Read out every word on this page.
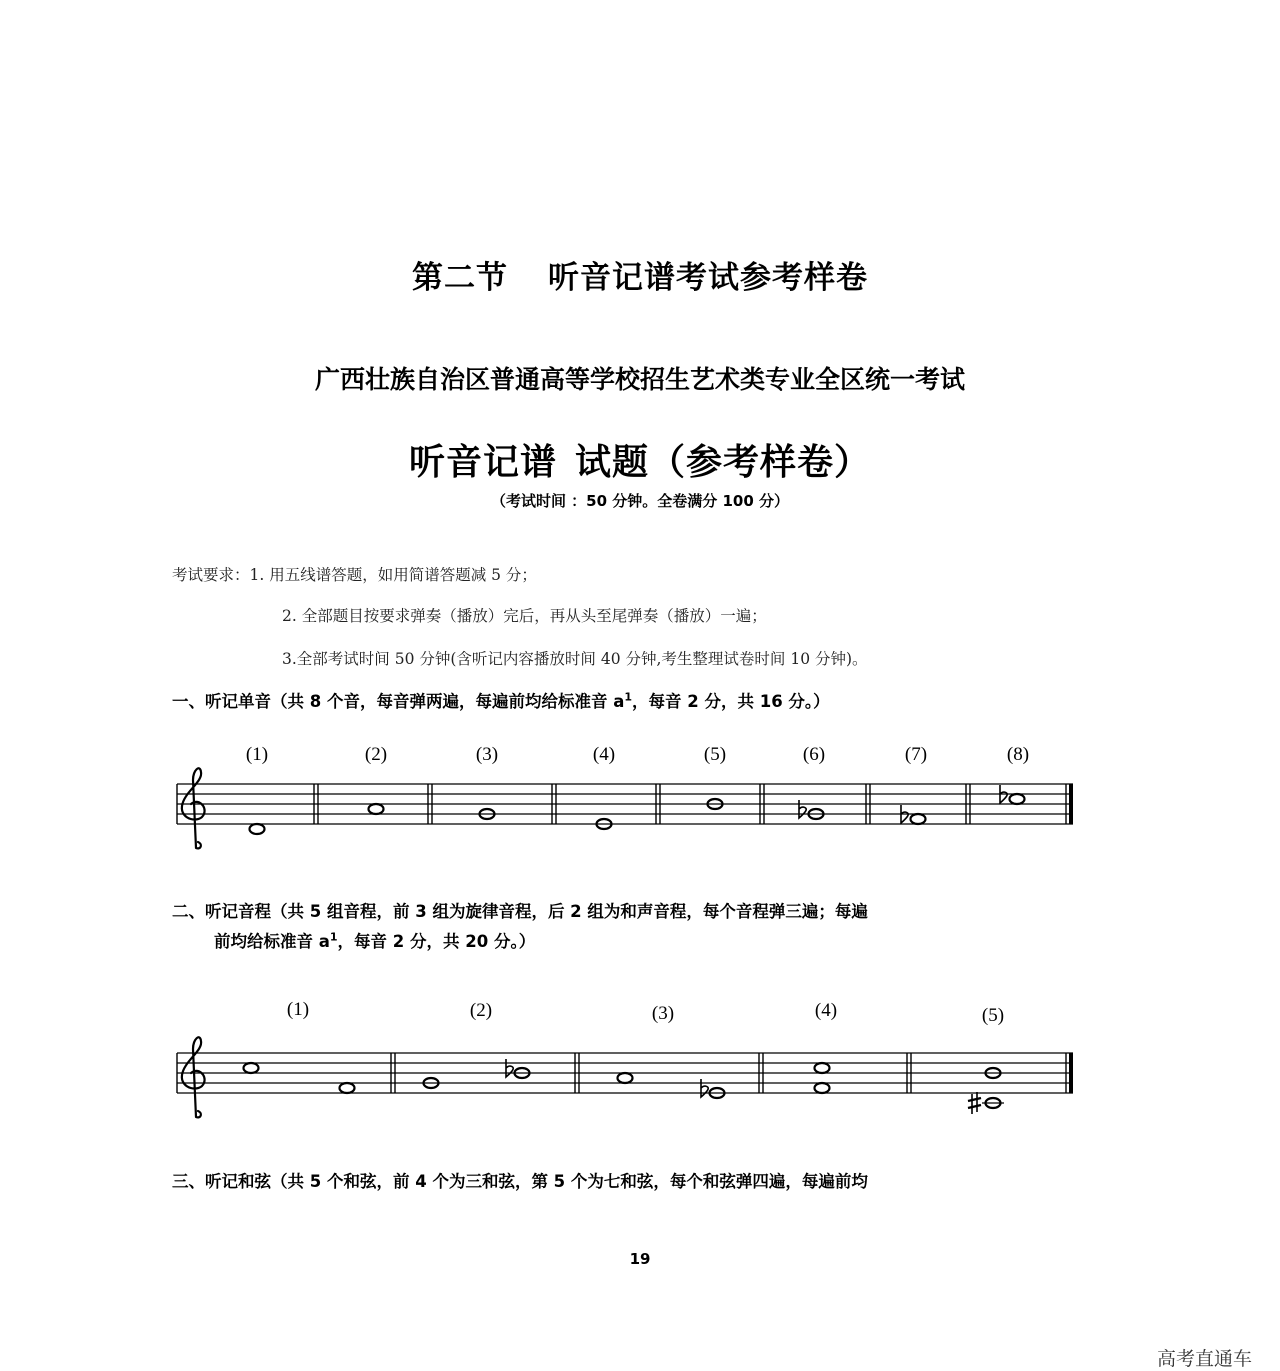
第二节 听音记谱考试参考样卷
广西壮族自治区普通高等学校招生艺术类专业全区统一考试
听音记谱 试题（参考样卷）
（考试时间 ：50 分钟。全卷满分 100 分）
考试要求：1. 用五线谱答题，如用简谱答题减 5 分；
2. 全部题目按要求弹奏（播放）完后，再从头至尾弹奏（播放）一遍；
3.全部考试时间 50 分钟(含听记内容播放时间 40 分钟,考生整理试卷时间 10 分钟)。
一、听记单音（共 8 个音，每音弹两遍，每遍前均给标准音 $a^1$，每音 2 分，共 16 分。）
(1)	(2)	(3)	(4)	(5)	(6)	(7)	(8)
二、听记音程（共 5 组音程，前 3 组为旋律音程，后 2 组为和声音程，每个音程弹三遍；每遍
前均给标准音 $a^1$，每音 2 分，共 20 分。）
(1)	(2)	(3)	(4)	(5)
三、听记和弦（共 5 个和弦，前 4 个为三和弦，第 5 个为七和弦，每个和弦弹四遍，每遍前均
19
高考直通车
